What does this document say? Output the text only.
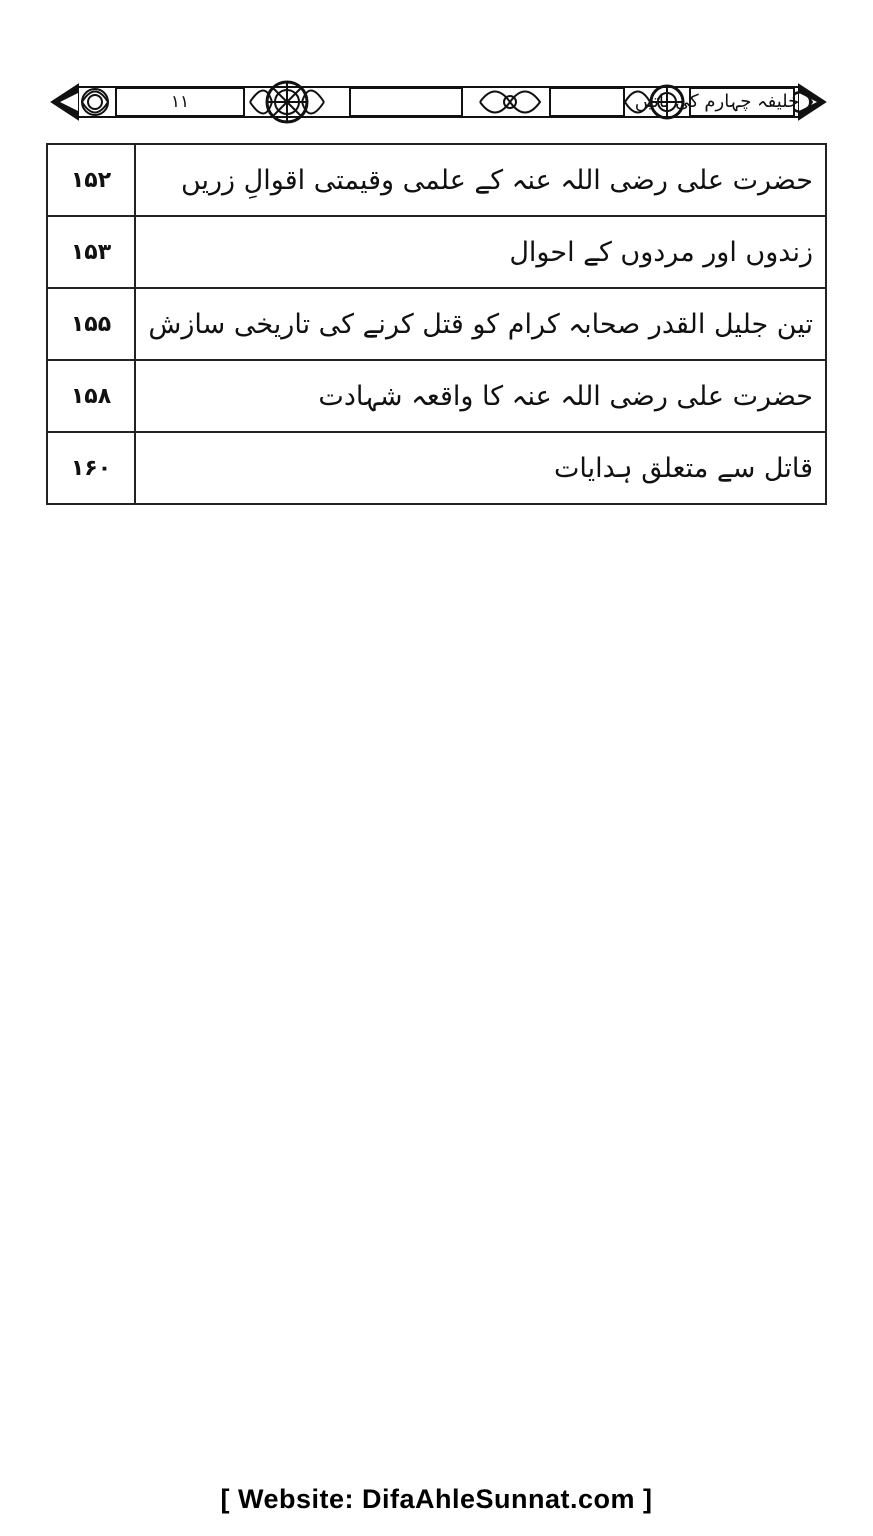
۱۱	خلیفہ چہارم کی باتیں
۱۵۲	حضرت علی رضی اللہ عنہ کے علمی وقیمتی اقوالِ زریں
۱۵۳	زندوں اور مردوں کے احوال
۱۵۵	تین جلیل القدر صحابہ کرام کو قتل کرنے کی تاریخی سازش
۱۵۸	حضرت علی رضی اللہ عنہ کا واقعہ شہادت
۱۶۰	قاتل سے متعلق ہدایات
[ Website: DifaAhleSunnat.com ]
